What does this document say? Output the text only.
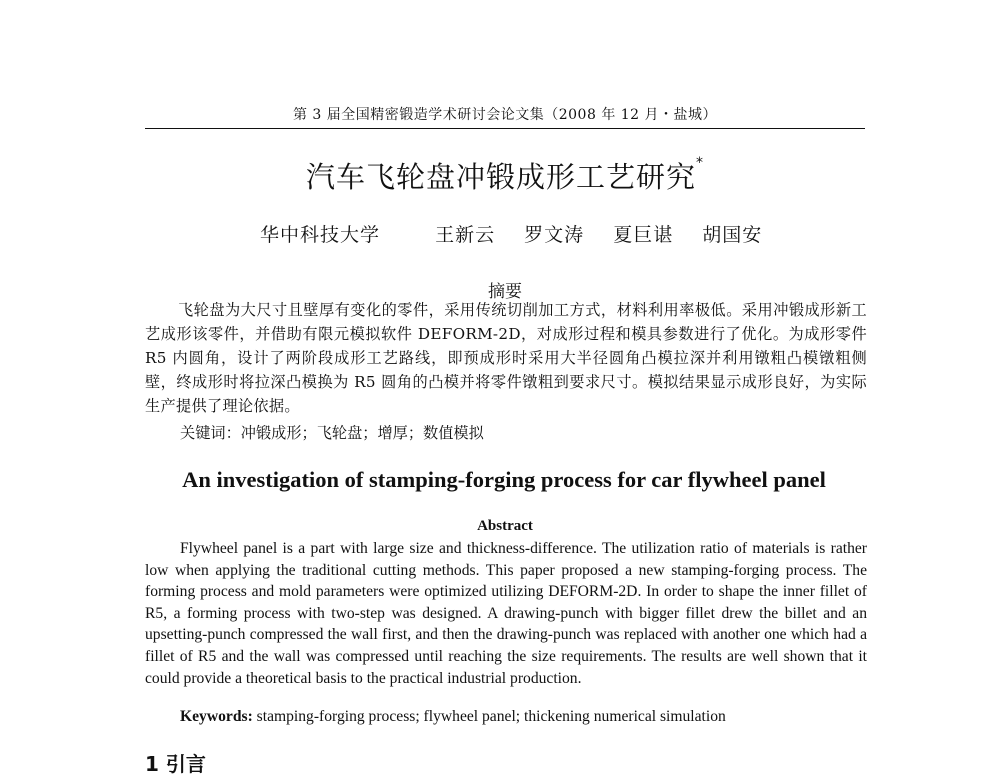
第 3 届全国精密锻造学术研讨会论文集（2008 年 12 月・盐城）
汽车飞轮盘冲锻成形工艺研究*
华中科技大学	王新云 罗文涛 夏巨谌 胡国安
摘要
飞轮盘为大尺寸且壁厚有变化的零件，采用传统切削加工方式，材料利用率极低。采用冲锻成形新工艺成形该零件，并借助有限元模拟软件 DEFORM-2D，对成形过程和模具参数进行了优化。为成形零件 R5 内圆角，设计了两阶段成形工艺路线，即预成形时采用大半径圆角凸模拉深并利用镦粗凸模镦粗侧壁，终成形时将拉深凸模换为 R5 圆角的凸模并将零件镦粗到要求尺寸。模拟结果显示成形良好，为实际生产提供了理论依据。
关键词：冲锻成形；飞轮盘；增厚；数值模拟
An investigation of stamping-forging process for car flywheel panel
Abstract
Flywheel panel is a part with large size and thickness-difference. The utilization ratio of materials is rather low when applying the traditional cutting methods. This paper proposed a new stamping-forging process. The forming process and mold parameters were optimized utilizing DEFORM-2D. In order to shape the inner fillet of R5, a forming process with two-step was designed. A drawing-punch with bigger fillet drew the billet and an upsetting-punch compressed the wall first, and then the drawing-punch was replaced with another one which had a fillet of R5 and the wall was compressed until reaching the size requirements. The results are well shown that it could provide a theoretical basis to the practical industrial production.
Keywords: stamping-forging process; flywheel panel; thickening numerical simulation
1 引言
